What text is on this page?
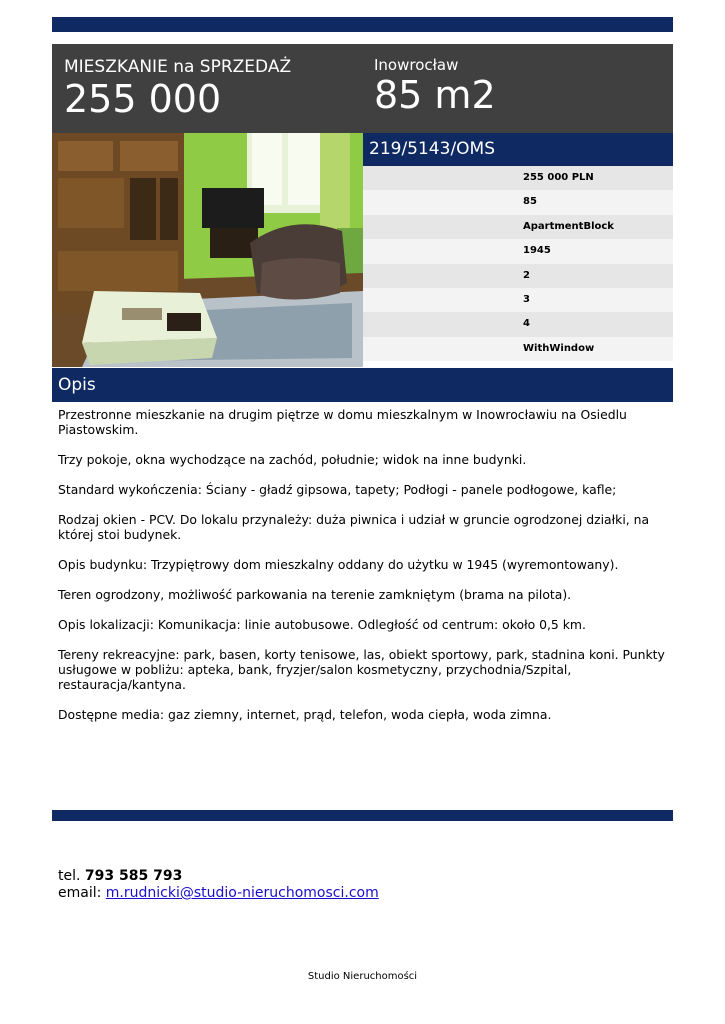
MIESZKANIE na SPRZEDAŻ
255 000
Inowrocław
85 m2
219/5143/OMS
255 000 PLN
85
ApartmentBlock
1945
2
3
4
WithWindow
Opis

Przestronne mieszkanie na drugim piętrze w domu mieszkalnym w Inowrocławiu na Osiedlu Piastowskim.

Trzy pokoje, okna wychodzące na zachód, południe; widok na inne budynki.

Standard wykończenia: Ściany - gładź gipsowa, tapety; Podłogi - panele podłogowe, kafle;

Rodzaj okien - PCV. Do lokalu przynależy: duża piwnica i udział w gruncie ogrodzonej działki, na której stoi budynek.

Opis budynku: Trzypiętrowy dom mieszkalny oddany do użytku w 1945 (wyremontowany).

Teren ogrodzony, możliwość parkowania na terenie zamkniętym (brama na pilota).

Opis lokalizacji: Komunikacja: linie autobusowe. Odległość od centrum: około 0,5 km.

Tereny rekreacyjne: park, basen, korty tenisowe, las, obiekt sportowy, park, stadnina koni. Punkty usługowe w pobliżu: apteka, bank, fryzjer/salon kosmetyczny, przychodnia/Szpital, restauracja/kantyna.

Dostępne media: gaz ziemny, internet, prąd, telefon, woda ciepła, woda zimna.

tel. 793 585 793
email: m.rudnicki@studio-nieruchomosci.com
Studio Nieruchomości
